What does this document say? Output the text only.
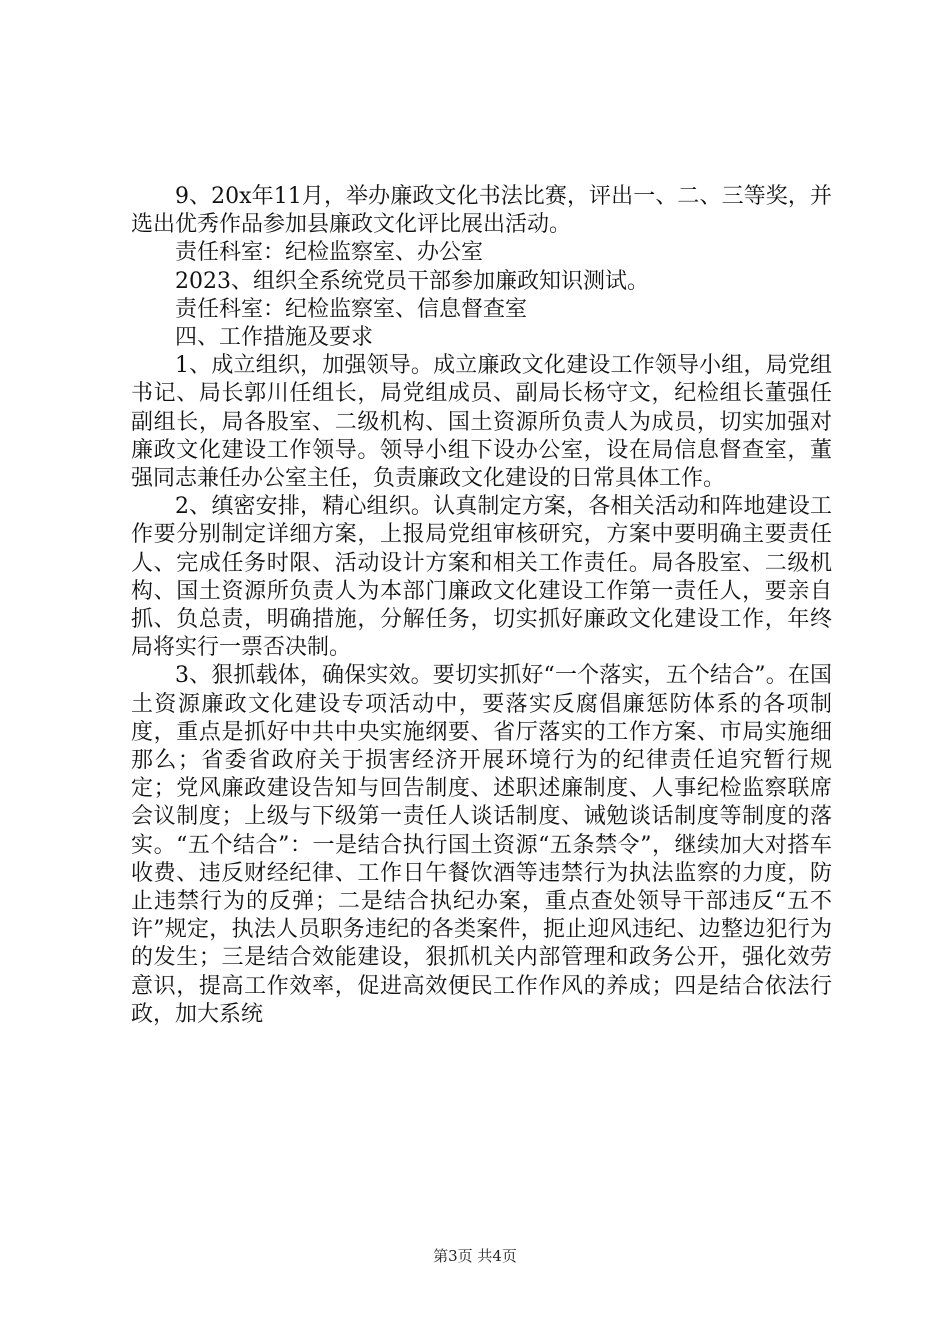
9、20x年11月，举办廉政文化书法比赛，评出一、二、三等奖，并选出优秀作品参加县廉政文化评比展出活动。

责任科室：纪检监察室、办公室

2023、组织全系统党员干部参加廉政知识测试。

责任科室：纪检监察室、信息督查室

四、工作措施及要求

1、成立组织，加强领导。成立廉政文化建设工作领导小组，局党组书记、局长郭川任组长，局党组成员、副局长杨守文，纪检组长董强任副组长，局各股室、二级机构、国土资源所负责人为成员，切实加强对廉政文化建设工作领导。领导小组下设办公室，设在局信息督查室，董强同志兼任办公室主任，负责廉政文化建设的日常具体工作。

2、缜密安排，精心组织。认真制定方案，各相关活动和阵地建设工作要分别制定详细方案，上报局党组审核研究，方案中要明确主要责任人、完成任务时限、活动设计方案和相关工作责任。局各股室、二级机构、国土资源所负责人为本部门廉政文化建设工作第一责任人，要亲自抓、负总责，明确措施，分解任务，切实抓好廉政文化建设工作，年终局将实行一票否决制。

3、狠抓载体，确保实效。要切实抓好“一个落实，五个结合”。在国土资源廉政文化建设专项活动中，要落实反腐倡廉惩防体系的各项制度，重点是抓好中共中央实施纲要、省厅落实的工作方案、市局实施细那么；省委省政府关于损害经济开展环境行为的纪律责任追究暂行规定；党风廉政建设告知与回告制度、述职述廉制度、人事纪检监察联席会议制度；上级与下级第一责任人谈话制度、诫勉谈话制度等制度的落实。“五个结合”：一是结合执行国土资源“五条禁令”，继续加大对搭车收费、违反财经纪律、工作日午餐饮酒等违禁行为执法监察的力度，防止违禁行为的反弹；二是结合执纪办案，重点查处领导干部违反“五不许”规定，执法人员职务违纪的各类案件，扼止迎风违纪、边整边犯行为的发生；三是结合效能建设，狠抓机关内部管理和政务公开，强化效劳意识，提高工作效率，促进高效便民工作作风的养成；四是结合依法行政，加大系统

第3页 共4页
